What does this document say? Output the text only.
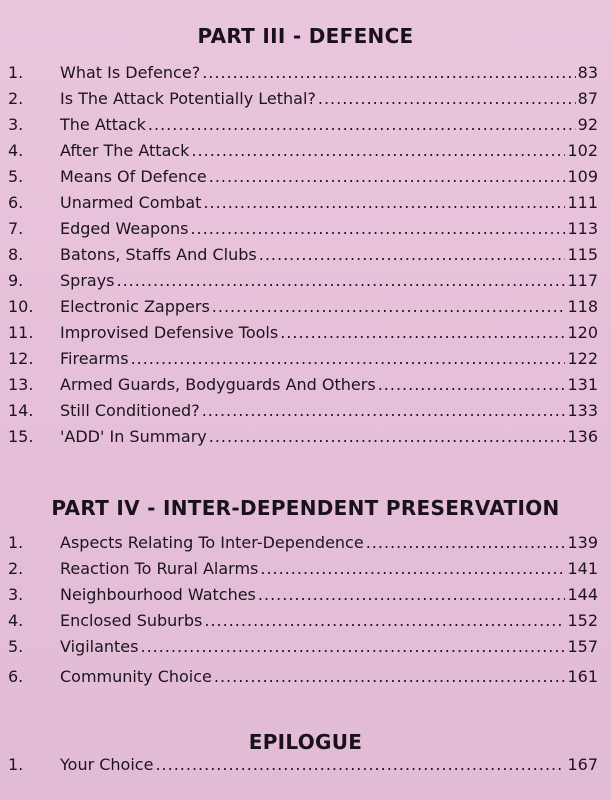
PART III - DEFENCE
1.	What Is Defence? .....	83
2.	Is The Attack Potentially Lethal? .....	87
3.	The Attack .....	92
4.	After The Attack .....	102
5.	Means Of Defence .....	109
6.	Unarmed Combat .....	111
7.	Edged Weapons .....	113
8.	Batons, Staffs And Clubs .....	115
9.	Sprays .....	117
10.	Electronic Zappers .....	118
11.	Improvised Defensive Tools .....	120
12.	Firearms .....	122
13.	Armed Guards, Bodyguards And Others .....	131
14.	Still Conditioned? .....	133
15.	'ADD' In Summary .....	136
PART IV - INTER-DEPENDENT PRESERVATION
1.	Aspects Relating To Inter-Dependence .....	139
2.	Reaction To Rural Alarms .....	141
3.	Neighbourhood Watches .....	144
4.	Enclosed Suburbs .....	152
5.	Vigilantes .....	157
6.	Community Choice .....	161
EPILOGUE
1.	Your Choice .....	167
